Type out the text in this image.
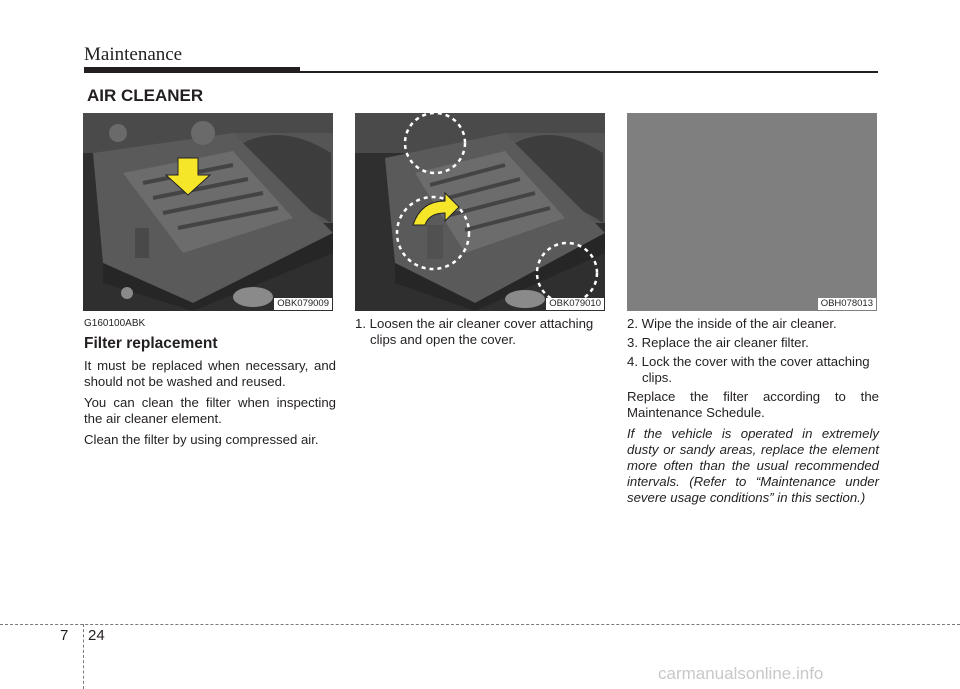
Maintenance
AIR CLEANER
OBK079009	OBK079010	OBH078013
G160100ABK
Filter replacement

It must be replaced when necessary, and should not be washed and reused.

You can clean the filter when inspecting the air cleaner element.

Clean the filter by using compressed air.

1. Loosen the air cleaner cover attaching clips and open the cover.

2. Wipe the inside of the air cleaner.

3. Replace the air cleaner filter.

4. Lock the cover with the cover attaching clips.

Replace the filter according to the Maintenance Schedule.

If the vehicle is operated in extremely dusty or sandy areas, replace the element more often than the usual recommended intervals. (Refer to “Maintenance under severe usage conditions” in this section.)

7 24
carmanualsonline.info
